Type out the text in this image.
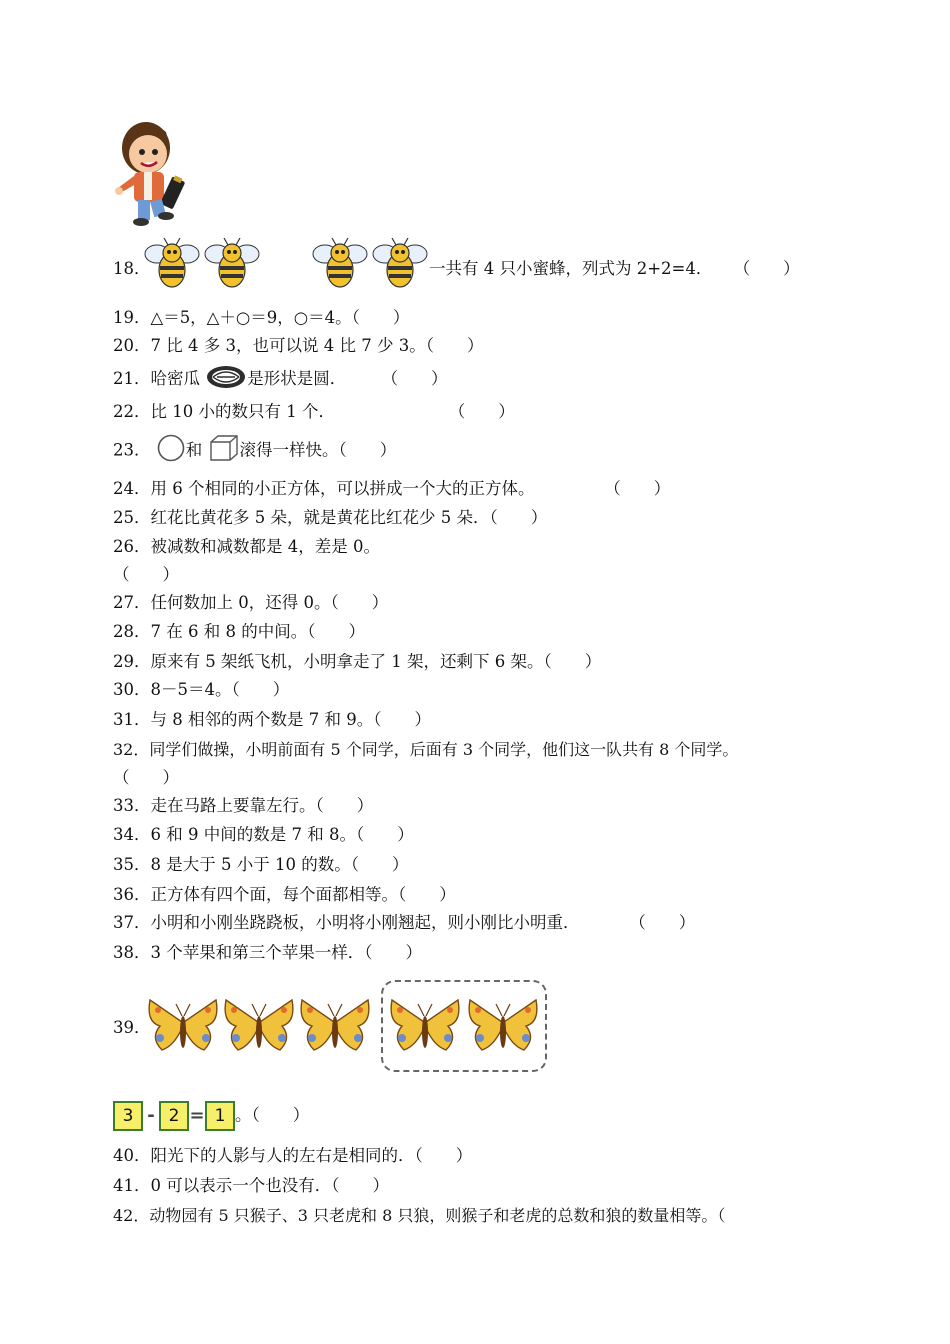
18．	一共有 4 只小蜜蜂，列式为 2+2=4． （　　）
19．△＝5，△＋○＝9，○＝4。（　　）
20．7 比 4 多 3，也可以说 4 比 7 少 3。（　　）
21．哈密瓜	是形状是圆． （　　）
22．比 10 小的数只有 1 个．	（　　）
23． 和 滚得一样快。（　　）
24．用 6 个相同的小正方体，可以拼成一个大的正方体。	（　　）
25．红花比黄花多 5 朵，就是黄花比红花少 5 朵．（　　）
26．被减数和减数都是 4，差是 0。
（　　）
27．任何数加上 0，还得 0。（　　）
28．7 在 6 和 8 的中间。（　　）
29．原来有 5 架纸飞机，小明拿走了 1 架，还剩下 6 架。（　　）
30．8－5＝4。（　　）
31．与 8 相邻的两个数是 7 和 9。（　　）
32．同学们做操，小明前面有 5 个同学，后面有 3 个同学，他们这一队共有 8 个同学。
（　　）
33．走在马路上要靠左行。（　　）
34．6 和 9 中间的数是 7 和 8。（　　）
35．8 是大于 5 小于 10 的数。（　　）
36．正方体有四个面，每个面都相等。（　　）
37．小明和小刚坐跷跷板，小明将小刚翘起，则小刚比小明重．	（　　）
38．3 个苹果和第三个苹果一样．（　　）
39．
3 - 2 = 1 。（　　）
40．阳光下的人影与人的左右是相同的．（　　）
41．0 可以表示一个也没有．（　　）
42．动物园有 5 只猴子、3 只老虎和 8 只狼，则猴子和老虎的总数和狼的数量相等。（
